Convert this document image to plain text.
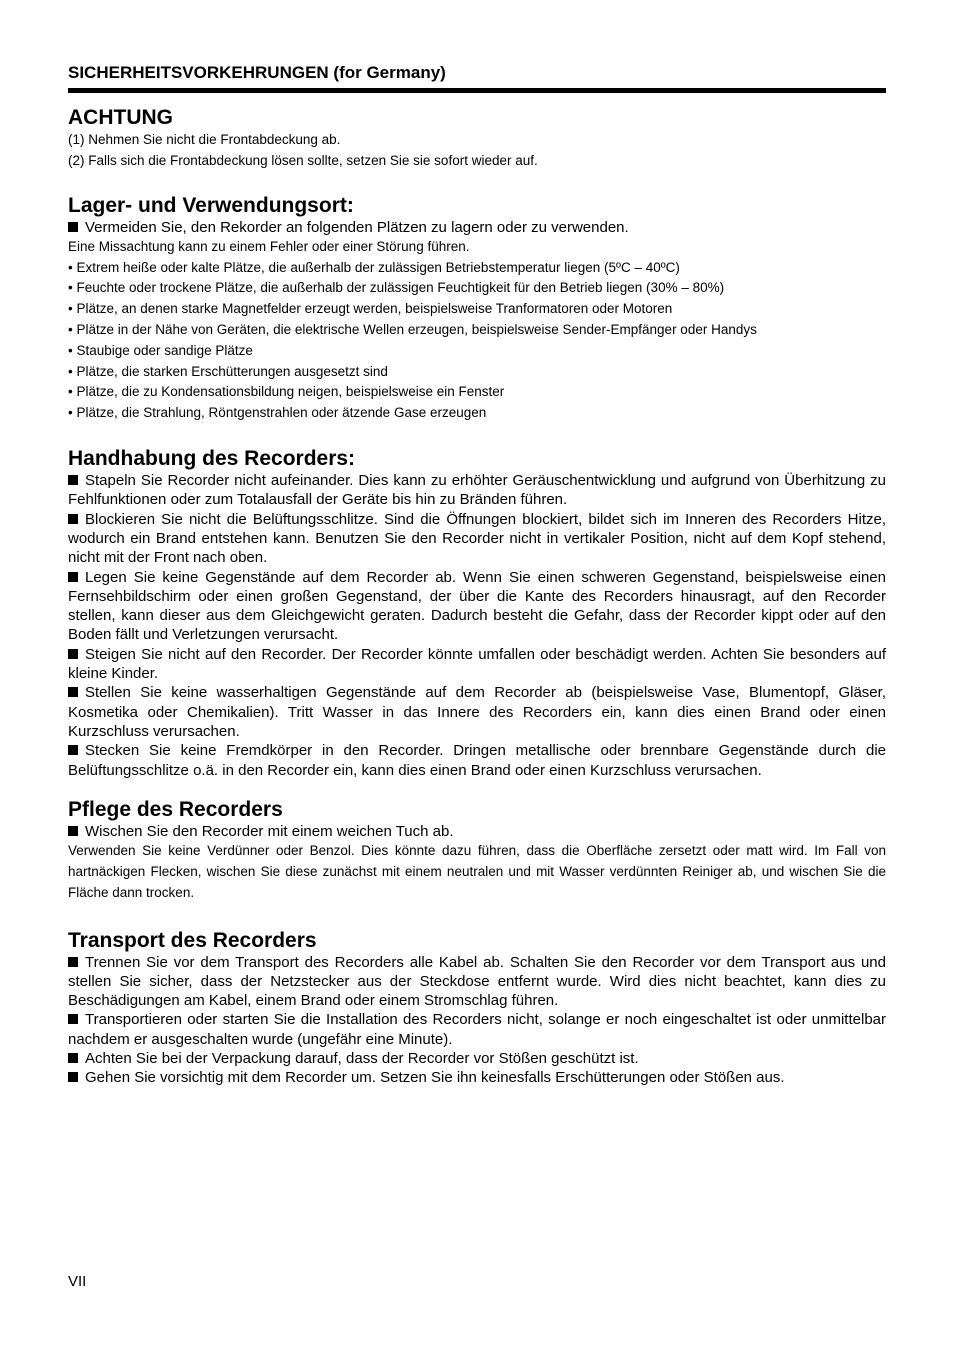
SICHERHEITSVORKEHRUNGEN (for Germany)

ACHTUNG

(1) Nehmen Sie nicht die Frontabdeckung ab.

(2) Falls sich die Frontabdeckung lösen sollte, setzen Sie sie sofort wieder auf.

Lager- und Verwendungsort:

Vermeiden Sie, den Rekorder an folgenden Plätzen zu lagern oder zu verwenden.

Eine Missachtung kann zu einem Fehler oder einer Störung führen.

• Extrem heiße oder kalte Plätze, die außerhalb der zulässigen Betriebstemperatur liegen (5ºC – 40ºC)

• Feuchte oder trockene Plätze, die außerhalb der zulässigen Feuchtigkeit für den Betrieb liegen (30% – 80%)

• Plätze, an denen starke Magnetfelder erzeugt werden, beispielsweise Tranformatoren oder Motoren

• Plätze in der Nähe von Geräten, die elektrische Wellen erzeugen, beispielsweise Sender-Empfänger oder Handys

• Staubige oder sandige Plätze

• Plätze, die starken Erschütterungen ausgesetzt sind

• Plätze, die zu Kondensationsbildung neigen, beispielsweise ein Fenster

• Plätze, die Strahlung, Röntgenstrahlen oder ätzende Gase erzeugen

Handhabung des Recorders:

Stapeln Sie Recorder nicht aufeinander. Dies kann zu erhöhter Geräuschentwicklung und aufgrund von Überhitzung zu Fehlfunktionen oder zum Totalausfall der Geräte bis hin zu Bränden führen.

Blockieren Sie nicht die Belüftungsschlitze. Sind die Öffnungen blockiert, bildet sich im Inneren des Recorders Hitze, wodurch ein Brand entstehen kann. Benutzen Sie den Recorder nicht in vertikaler Position, nicht auf dem Kopf stehend, nicht mit der Front nach oben.

Legen Sie keine Gegenstände auf dem Recorder ab. Wenn Sie einen schweren Gegenstand, beispielsweise einen Fernsehbildschirm oder einen großen Gegenstand, der über die Kante des Recorders hinausragt, auf den Recorder stellen, kann dieser aus dem Gleichgewicht geraten. Dadurch besteht die Gefahr, dass der Recorder kippt oder auf den Boden fällt und Verletzungen verursacht.

Steigen Sie nicht auf den Recorder. Der Recorder könnte umfallen oder beschädigt werden. Achten Sie besonders auf kleine Kinder.

Stellen Sie keine wasserhaltigen Gegenstände auf dem Recorder ab (beispielsweise Vase, Blumentopf, Gläser, Kosmetika oder Chemikalien). Tritt Wasser in das Innere des Recorders ein, kann dies einen Brand oder einen Kurzschluss verursachen.

Stecken Sie keine Fremdkörper in den Recorder. Dringen metallische oder brennbare Gegenstände durch die Belüftungsschlitze o.ä. in den Recorder ein, kann dies einen Brand oder einen Kurzschluss verursachen.

Pflege des Recorders

Wischen Sie den Recorder mit einem weichen Tuch ab.

Verwenden Sie keine Verdünner oder Benzol. Dies könnte dazu führen, dass die Oberfläche zersetzt oder matt wird. Im Fall von hartnäckigen Flecken, wischen Sie diese zunächst mit einem neutralen und mit Wasser verdünnten Reiniger ab, und wischen Sie die Fläche dann trocken.

Transport des Recorders

Trennen Sie vor dem Transport des Recorders alle Kabel ab. Schalten Sie den Recorder vor dem Transport aus und stellen Sie sicher, dass der Netzstecker aus der Steckdose entfernt wurde. Wird dies nicht beachtet, kann dies zu Beschädigungen am Kabel, einem Brand oder einem Stromschlag führen.

Transportieren oder starten Sie die Installation des Recorders nicht, solange er noch eingeschaltet ist oder unmittelbar nachdem er ausgeschalten wurde (ungefähr eine Minute).

Achten Sie bei der Verpackung darauf, dass der Recorder vor Stößen geschützt ist.

Gehen Sie vorsichtig mit dem Recorder um. Setzen Sie ihn keinesfalls Erschütterungen oder Stößen aus.

VII
